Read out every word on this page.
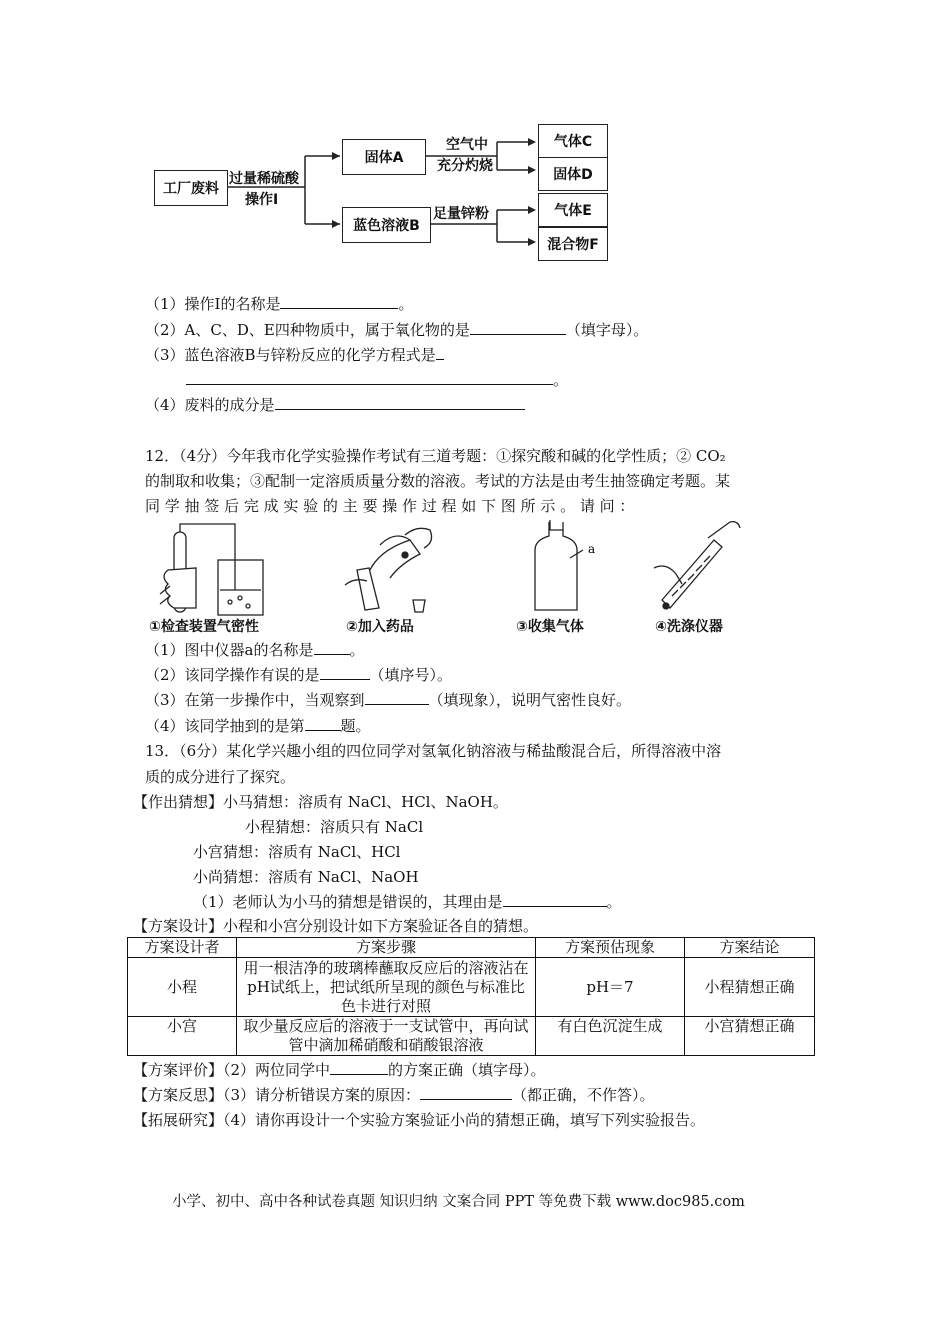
工厂废料
过量稀硫酸
操作I
固体A
空气中
充分灼烧
气体C
固体D
蓝色溶液B
足量锌粉	气体E
混合物F
（1）操作Ⅰ的名称是	。
（2）A、C、D、E四种物质中，属于氧化物的是	（填字母）。
（3）蓝色溶液B与锌粉反应的化学方程式是
。
（4）废料的成分是
12．（4分）今年我市化学实验操作考试有三道考题：①探究酸和碱的化学性质；② CO₂
的制取和收集；③配制一定溶质质量分数的溶液。考试的方法是由考生抽签确定考题。某
同 学 抽 签 后 完 成 实 验 的 主 要 操 作 过 程 如 下 图 所 示 。 请 问 ：
a
①检查装置气密性	②加入药品	③收集气体	④洗涤仪器
（1）图中仪器a的名称是 。
（2）该同学操作有误的是	（填序号）。
（3）在第一步操作中，当观察到	（填现象），说明气密性良好。
（4）该同学抽到的是第 题。
13．（6分）某化学兴趣小组的四位同学对氢氧化钠溶液与稀盐酸混合后，所得溶液中溶
质的成分进行了探究。
【作出猜想】小马猜想：溶质有 NaCl、HCl、NaOH。
小程猜想：溶质只有 NaCl
小宫猜想：溶质有 NaCl、HCl
小尚猜想：溶质有 NaCl、NaOH
（1）老师认为小马的猜想是错误的，其理由是	。
【方案设计】小程和小宫分别设计如下方案验证各自的猜想。
方案设计者	方案步骤	方案预估现象	方案结论
小程	用一根洁净的玻璃棒蘸取反应后的溶液沾在pH试纸上，把试纸所呈现的颜色与标准比色卡进行对照	pH＝7	小程猜想正确
小宫	取少量反应后的溶液于一支试管中，再向试管中滴加稀硝酸和硝酸银溶液	有白色沉淀生成	小宫猜想正确
【方案评价】（2）两位同学中	的方案正确（填字母）。
【方案反思】（3）请分析错误方案的原因：	（都正确，不作答）。
【拓展研究】（4）请你再设计一个实验方案验证小尚的猜想正确，填写下列实验报告。
小学、初中、高中各种试卷真题 知识归纳 文案合同 PPT 等免费下载 www.doc985.com
